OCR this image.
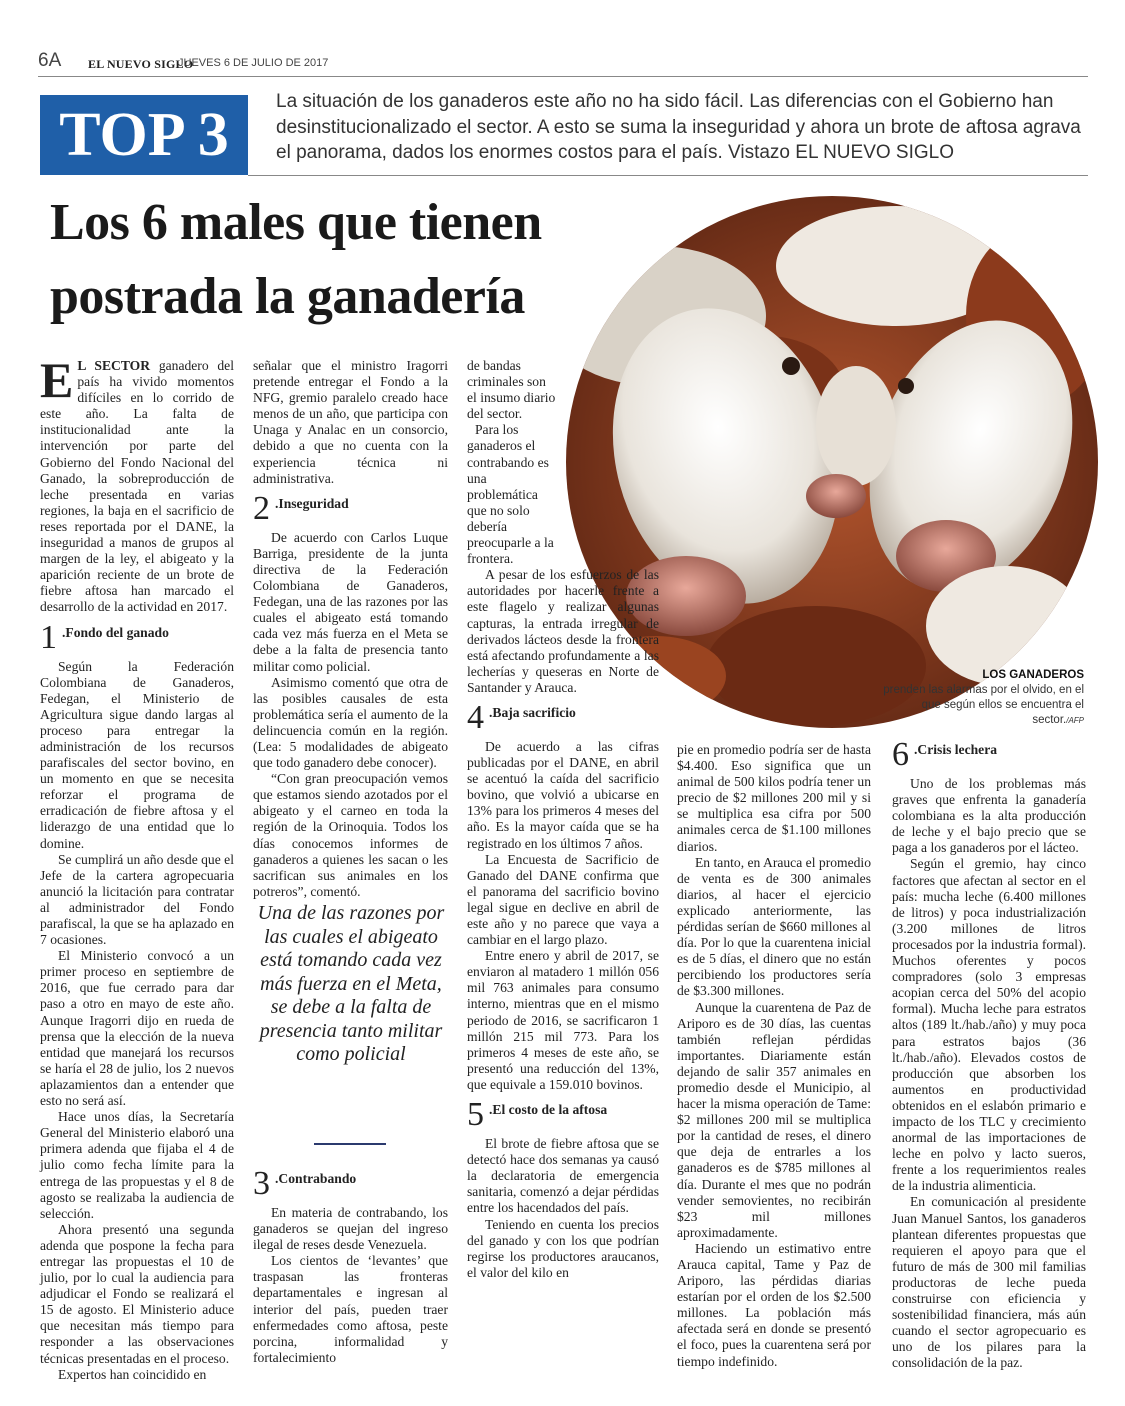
6A EL NUEVO SIGLO
JUEVES 6 DE JULIO DE 2017
TOP 3	La situación de los ganaderos este año no ha sido fácil. Las diferencias con el Gobierno han desinstitucionalizado el sector. A esto se suma la inseguridad y ahora un brote de aftosa agrava el panorama, dados los enormes costos para el país. Vistazo EL NUEVO SIGLO
Los 6 males que tienen
postrada la ganadería
LOS GANADEROS
prenden las alarmas por el olvido, en el que según ellos se encuentra el sector./AFP

E L SECTOR ganadero del país ha vivido momentos difíciles en lo corrido de este año. La falta de institucionalidad ante la intervención por parte del Gobierno del Fondo Nacional del Ganado, la sobreproducción de leche presentada en varias regiones, la baja en el sacrificio de reses reportada por el DANE, la inseguridad a manos de grupos al margen de la ley, el abigeato y la aparición reciente de un brote de fiebre aftosa han marcado el desarrollo de la actividad en 2017.

1 .Fondo del ganado

Según la Federación Colombiana de Ganaderos, Fedegan, el Ministerio de Agricultura sigue dando largas al proceso para entregar la administración de los recursos parafiscales del sector bovino, en un momento en que se necesita reforzar el programa de erradicación de fiebre aftosa y el liderazgo de una entidad que lo domine.

Se cumplirá un año desde que el Jefe de la cartera agropecuaria anunció la licitación para contratar al administrador del Fondo parafiscal, la que se ha aplazado en 7 ocasiones.

El Ministerio convocó a un primer proceso en septiembre de 2016, que fue cerrado para dar paso a otro en mayo de este año. Aunque Iragorri dijo en rueda de prensa que la elección de la nueva entidad que manejará los recursos se haría el 28 de julio, los 2 nuevos aplazamientos dan a entender que esto no será así.

Hace unos días, la Secretaría General del Ministerio elaboró una primera adenda que fijaba el 4 de julio como fecha límite para la entrega de las propuestas y el 8 de agosto se realizaba la audiencia de selección.

Ahora presentó una segunda adenda que pospone la fecha para entregar las propuestas el 10 de julio, por lo cual la audiencia para adjudicar el Fondo se realizará el 15 de agosto. El Ministerio aduce que necesitan más tiempo para responder a las observaciones técnicas presentadas en el proceso.

Expertos han coincidido en

señalar que el ministro Iragorri pretende entregar el Fondo a la NFG, gremio paralelo creado hace menos de un año, que participa con Unaga y Analac en un consorcio, debido a que no cuenta con la experiencia técnica ni administrativa.

2 .Inseguridad

De acuerdo con Carlos Luque Barriga, presidente de la junta directiva de la Federación Colombiana de Ganaderos, Fedegan, una de las razones por las cuales el abigeato está tomando cada vez más fuerza en el Meta se debe a la falta de presencia tanto militar como policial.

Asimismo comentó que otra de las posibles causales de esta problemática sería el aumento de la delincuencia común en la región. (Lea: 5 modalidades de abigeato que todo ganadero debe conocer).

“Con gran preocupación vemos que estamos siendo azotados por el abigeato y el carneo en toda la región de la Orinoquia. Todos los días conocemos informes de ganaderos a quienes les sacan o les sacrifican sus animales en los potreros”, comentó.

Una de las razones por las cuales el abigeato está tomando cada vez más fuerza en el Meta, se debe a la falta de presencia tanto militar como policial
3 .Contrabando

En materia de contrabando, los ganaderos se quejan del ingreso ilegal de reses desde Venezuela.

Los cientos de ‘levantes’ que traspasan las fronteras departamentales e ingresan al interior del país, pueden traer enfermedades como aftosa, peste porcina, informalidad y fortalecimiento

de bandas criminales son el insumo diario del sector.

Para los ganaderos el contrabando es una problemática que no solo debería preocuparle a la frontera.

A pesar de los esfuerzos de las autoridades por hacerle frente a este flagelo y realizar algunas capturas, la entrada irregular de derivados lácteos desde la frontera está afectando profundamente a las lecherías y queseras en Norte de Santander y Arauca.

4 .Baja sacrificio

De acuerdo a las cifras publicadas por el DANE, en abril se acentuó la caída del sacrificio bovino, que volvió a ubicarse en 13% para los primeros 4 meses del año. Es la mayor caída que se ha registrado en los últimos 7 años.

La Encuesta de Sacrificio de Ganado del DANE confirma que el panorama del sacrificio bovino legal sigue en declive en abril de este año y no parece que vaya a cambiar en el largo plazo.

Entre enero y abril de 2017, se enviaron al matadero 1 millón 056 mil 763 animales para consumo interno, mientras que en el mismo periodo de 2016, se sacrificaron 1 millón 215 mil 773. Para los primeros 4 meses de este año, se presentó una reducción del 13%, que equivale a 159.010 bovinos.

5 .El costo de la aftosa

El brote de fiebre aftosa que se detectó hace dos semanas ya causó la declaratoria de emergencia sanitaria, comenzó a dejar pérdidas entre los hacendados del país.

Teniendo en cuenta los precios del ganado y con los que podrían regirse los productores araucanos, el valor del kilo en

pie en promedio podría ser de hasta $4.400. Eso significa que un animal de 500 kilos podría tener un precio de $2 millones 200 mil y si se multiplica esa cifra por 500 animales cerca de $1.100 millones diarios.

En tanto, en Arauca el promedio de venta es de 300 animales diarios, al hacer el ejercicio explicado anteriormente, las pérdidas serían de $660 millones al día. Por lo que la cuarentena inicial es de 5 días, el dinero que no están percibiendo los productores sería de $3.300 millones.

Aunque la cuarentena de Paz de Ariporo es de 30 días, las cuentas también reflejan pérdidas importantes. Diariamente están dejando de salir 357 animales en promedio desde el Municipio, al hacer la misma operación de Tame: $2 millones 200 mil se multiplica por la cantidad de reses, el dinero que deja de entrarles a los ganaderos es de $785 millones al día. Durante el mes que no podrán vender semovientes, no recibirán $23 mil millones aproximadamente.

Haciendo un estimativo entre Arauca capital, Tame y Paz de Ariporo, las pérdidas diarias estarían por el orden de los $2.500 millones. La población más afectada será en donde se presentó el foco, pues la cuarentena será por tiempo indefinido.

6 .Crisis lechera

Uno de los problemas más graves que enfrenta la ganadería colombiana es la alta producción de leche y el bajo precio que se paga a los ganaderos por el lácteo.

Según el gremio, hay cinco factores que afectan al sector en el país: mucha leche (6.400 millones de litros) y poca industrialización (3.200 millones de litros procesados por la industria formal). Muchos oferentes y pocos compradores (solo 3 empresas acopian cerca del 50% del acopio formal). Mucha leche para estratos altos (189 lt./hab./año) y muy poca para estratos bajos (36 lt./hab./año). Elevados costos de producción que absorben los aumentos en productividad obtenidos en el eslabón primario e impacto de los TLC y crecimiento anormal de las importaciones de leche en polvo y lacto sueros, frente a los requerimientos reales de la industria alimenticia.

En comunicación al presidente Juan Manuel Santos, los ganaderos plantean diferentes propuestas que requieren el apoyo para que el futuro de más de 300 mil familias productoras de leche pueda construirse con eficiencia y sostenibilidad financiera, más aún cuando el sector agropecuario es uno de los pilares para la consolidación de la paz.
